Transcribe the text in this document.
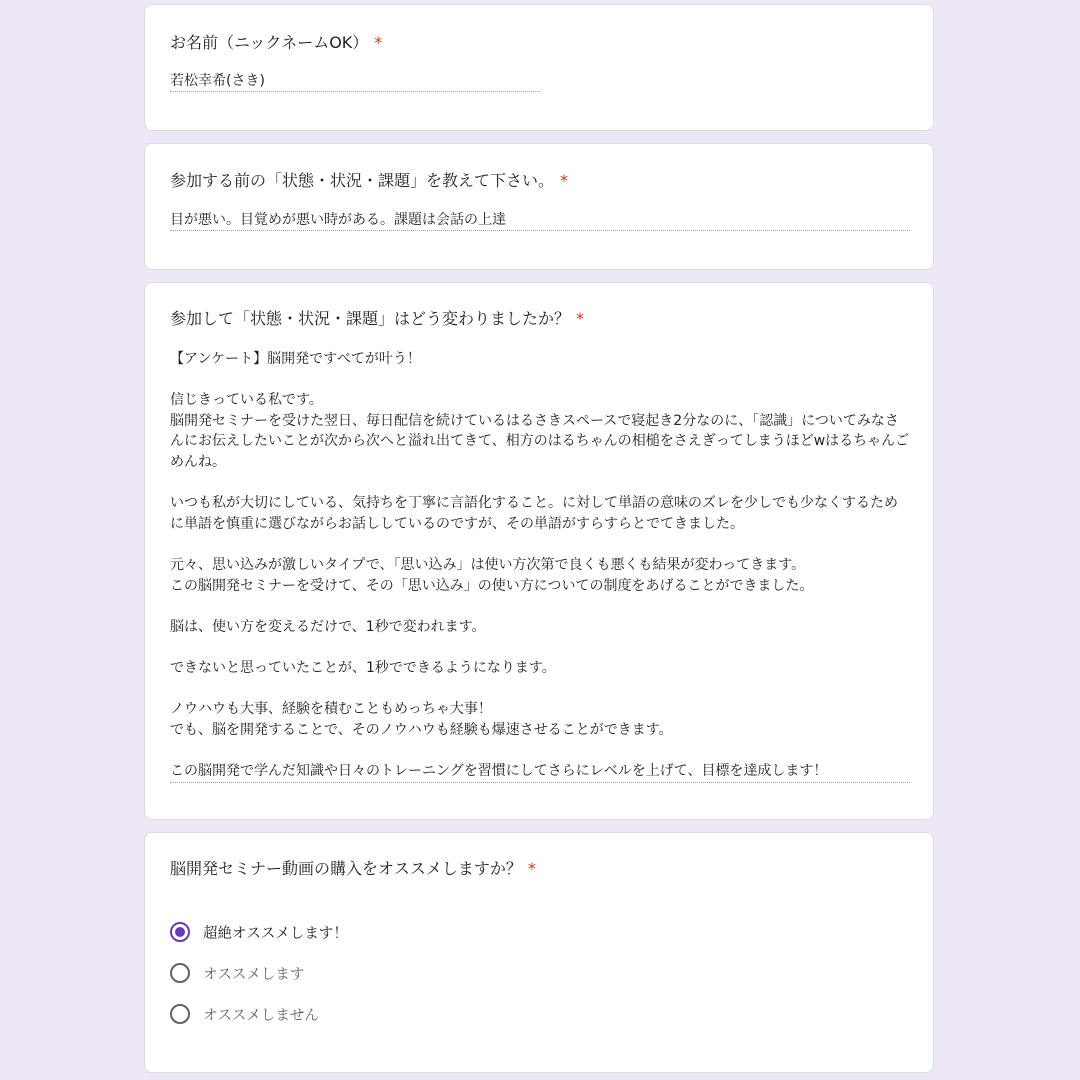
お名前（ニックネームOK） *
若松幸希(さき)
参加する前の「状態・状況・課題」を教えて下さい。 *
目が悪い。目覚めが悪い時がある。課題は会話の上達
参加して「状態・状況・課題」はどう変わりましたか？ *
【アンケート】脳開発ですべてが叶う！

信じきっている私です。
脳開発セミナーを受けた翌日、毎日配信を続けているはるさきスペースで寝起き2分なのに、「認識」についてみなさんにお伝えしたいことが次から次へと溢れ出てきて、相方のはるちゃんの相槌をさえぎってしまうほどwはるちゃんごめんね。

いつも私が大切にしている、気持ちを丁寧に言語化すること。に対して単語の意味のズレを少しでも少なくするために単語を慎重に選びながらお話ししているのですが、その単語がすらすらとでてきました。

元々、思い込みが激しいタイプで、「思い込み」は使い方次第で良くも悪くも結果が変わってきます。
この脳開発セミナーを受けて、その「思い込み」の使い方についての制度をあげることができました。

脳は、使い方を変えるだけで、1秒で変われます。

できないと思っていたことが、1秒でできるようになります。

ノウハウも大事、経験を積むこともめっちゃ大事！
でも、脳を開発することで、そのノウハウも経験も爆速させることができます。

この脳開発で学んだ知識や日々のトレーニングを習慣にしてさらにレベルを上げて、目標を達成します！
脳開発セミナー動画の購入をオススメしますか？ *
超絶オススメします！
オススメします
オススメしません
